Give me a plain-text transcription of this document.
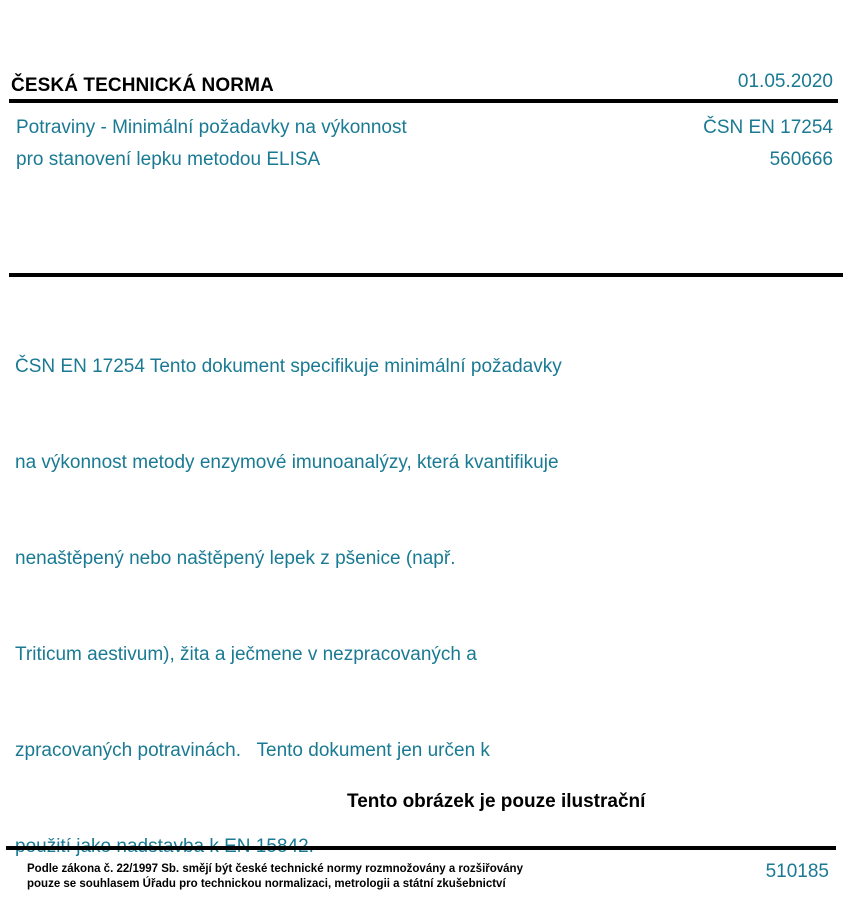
ČESKÁ TECHNICKÁ NORMA	01.05.2020
Potraviny - Minimální požadavky na výkonnost
pro stanovení lepku metodou ELISA
ČSN EN 17254
560666

ČSN EN 17254 Tento dokument specifikuje minimální požadavky

na výkonnost metody enzymové imunoanalýzy, která kvantifikuje

nenaštěpený nebo naštěpený lepek z pšenice (např.

Triticum aestivum), žita a ječmene v nezpracovaných a

zpracovaných potravinách.   Tento dokument jen určen k

Tento obrázek je pouze ilustrační
Podle zákona č. 22/1997 Sb. smějí být české technické normy rozmnožovány a rozšiřovány
pouze se souhlasem Úřadu pro technickou normalizaci, metrologii a státní zkušebnictví
510185
